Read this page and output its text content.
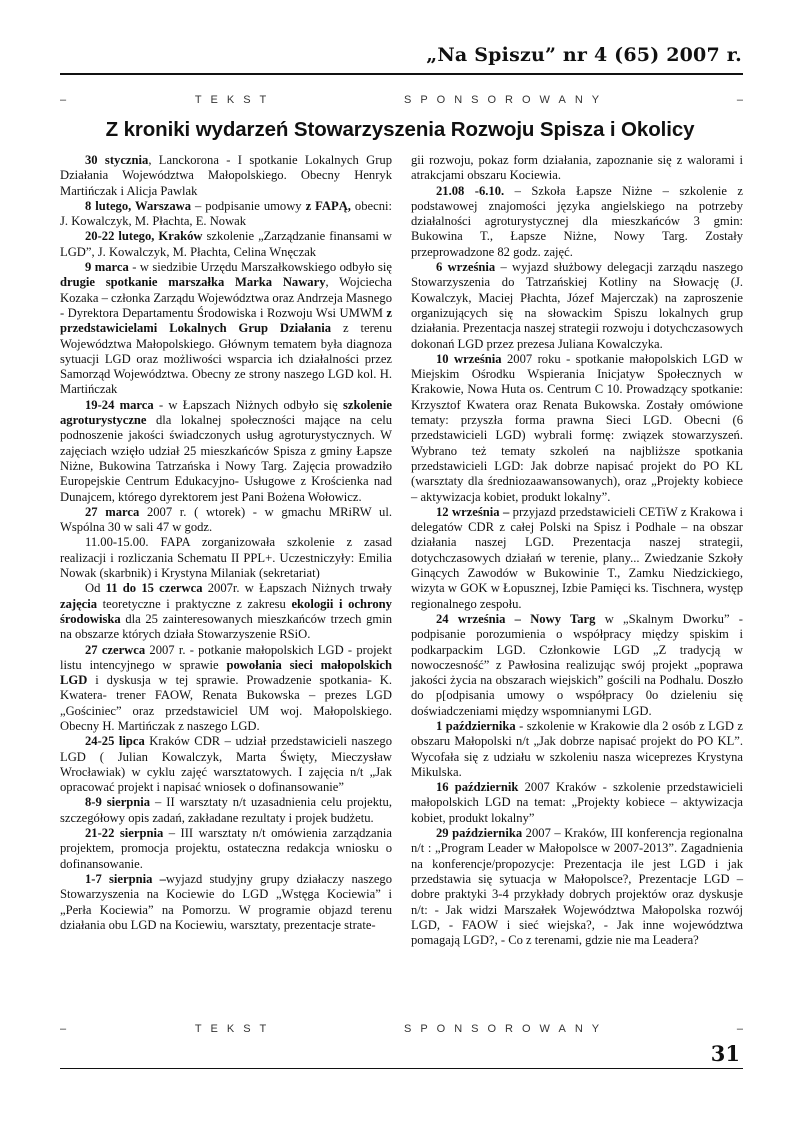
„Na Spiszu” nr 4 (65) 2007 r.
–	TEKST	SPONSOROWANY	–
Z kroniki wydarzeń Stowarzyszenia Rozwoju Spisza i Okolicy

30 stycznia, Lanckorona - I spotkanie Lokalnych Grup Działania Województwa Małopolskiego. Obecny Henryk Martińczak i Alicja Pawlak

8 lutego, Warszawa – podpisanie umowy z FAPĄ, obecni: J. Kowalczyk, M. Płachta, E. Nowak

20-22 lutego, Kraków szkolenie „Zarządzanie finansami w LGD”, J. Kowalczyk, M. Płachta, Celina Wnęczak

9 marca - w siedzibie Urzędu Marszałkowskiego odbyło się drugie spotkanie marszałka Marka Nawary, Wojciecha Kozaka – członka Zarządu Województwa oraz Andrzeja Masnego - Dyrektora Departamentu Środowiska i Rozwoju Wsi UMWM z przedstawicielami Lokalnych Grup Działania z terenu Województwa Małopolskiego. Głównym tematem była diagnoza sytuacji LGD oraz możliwości wsparcia ich działalności przez Samorząd Województwa. Obecny ze strony naszego LGD kol. H. Martińczak

19-24 marca - w Łapszach Niżnych odbyło się szkolenie agroturystyczne dla lokalnej społeczności mające na celu podnoszenie jakości świadczonych usług agroturystycznych. W zajęciach wzięło udział 25 mieszkańców Spisza z gminy Łapsze Niżne, Bukowina Tatrzańska i Nowy Targ. Zajęcia prowadziło Europejskie Centrum Edukacyjno- Usługowe z Krościenka nad Dunajcem, którego dyrektorem jest Pani Bożena Wołowicz.

27 marca 2007 r. ( wtorek) - w gmachu MRiRW ul. Wspólna 30 w sali 47 w godz.

11.00-15.00. FAPA zorganizowała szkolenie z zasad realizacji i rozliczania Schematu II PPL+. Uczestniczyły: Emilia Nowak (skarbnik) i Krystyna Milaniak (sekretariat)

Od 11 do 15 czerwca 2007r. w Łapszach Niżnych trwały zajęcia teoretyczne i praktyczne z zakresu ekologii i ochrony środowiska dla 25 zainteresowanych mieszkańców trzech gmin na obszarze których działa Stowarzyszenie RSiO.

27 czerwca 2007 r. - potkanie małopolskich LGD - projekt listu intencyjnego w sprawie powołania sieci małopolskich LGD i dyskusja w tej sprawie. Prowadzenie spotkania- K. Kwatera- trener FAOW, Renata Bukowska – prezes LGD „Gościniec” oraz przedstawiciel UM woj. Małopolskiego. Obecny H. Martińczak z naszego LGD.

24-25 lipca Kraków CDR – udział przedstawicieli naszego LGD ( Julian Kowalczyk, Marta Święty, Mieczysław Wrocławiak) w cyklu zajęć warsztatowych. I zajęcia n/t „Jak opracować projekt i napisać wniosek o dofinansowanie”

8-9 sierpnia – II warsztaty n/t uzasadnienia celu projektu, szczegółowy opis zadań, zakładane rezultaty i projek budżetu.

21-22 sierpnia – III warsztaty n/t omówienia zarządzania projektem, promocja projektu, ostateczna redakcja wniosku o dofinansowanie.

1-7 sierpnia –wyjazd studyjny grupy działaczy naszego Stowarzyszenia na Kociewie do LGD „Wstęga Kociewia” i „Perła Kociewia” na Pomorzu. W programie objazd terenu działania obu LGD na Kociewiu, warsztaty, prezentacje strate-

gii rozwoju, pokaz form działania, zapoznanie się z walorami i atrakcjami obszaru Kociewia.

21.08 -6.10. – Szkoła Łapsze Niżne – szkolenie z podstawowej znajomości języka angielskiego na potrzeby działalności agroturystycznej dla mieszkańców 3 gmin: Bukowina T., Łapsze Niżne, Nowy Targ. Zostały przeprowadzone 82 godz. zajęć.

6 września – wyjazd służbowy delegacji zarządu naszego Stowarzyszenia do Tatrzańskiej Kotliny na Słowację (J. Kowalczyk, Maciej Płachta, Józef Majerczak) na zaproszenie organizujących się na słowackim Spiszu lokalnych grup działania. Prezentacja naszej strategii rozwoju i dotychczasowych dokonań LGD przez prezesa Juliana Kowalczyka.

10 września 2007 roku - spotkanie małopolskich LGD w Miejskim Ośrodku Wspierania Inicjatyw Społecznych w Krakowie, Nowa Huta os. Centrum C 10. Prowadzący spotkanie: Krzysztof Kwatera oraz Renata Bukowska. Zostały omówione tematy: przyszła forma prawna Sieci LGD. Obecni (6 przedstawicieli LGD) wybrali formę: związek stowarzyszeń. Wybrano też tematy szkoleń na najbliższe spotkania przedstawicieli LGD: Jak dobrze napisać projekt do PO KL (warsztaty dla średniozaawansowanych), oraz „Projekty kobiece – aktywizacja kobiet, produkt lokalny”.

12 września – przyjazd przedstawicieli CETiW z Krakowa i delegatów CDR z całej Polski na Spisz i Podhale – na obszar działania naszej LGD. Prezentacja naszej strategii, dotychczasowych działań w terenie, plany... Zwiedzanie Szkoły Ginących Zawodów w Bukowinie T., Zamku Niedzickiego, wizyta w GOK w Łopusznej, Izbie Pamięci ks. Tischnera, występ regionalnego zespołu.

24 września – Nowy Targ w „Skalnym Dworku” - podpisanie porozumienia o współpracy między spiskim i podkarpackim LGD. Członkowie LGD „Z tradycją w nowoczesność” z Pawłosina realizując swój projekt „poprawa jakości życia na obszarach wiejskich” gościli na Podhalu. Doszło do p[odpisania umowy o współpracy 0o dzieleniu się doświadczeniami między wspomnianymi LGD.

1 października - szkolenie w Krakowie dla 2 osób z LGD z obszaru Małopolski n/t „Jak dobrze napisać projekt do PO KL”. Wycofała się z udziału w szkoleniu nasza wiceprezes Krystyna Mikulska.

16 październik 2007 Kraków - szkolenie przedstawicieli małopolskich LGD na temat: „Projekty kobiece – aktywizacja kobiet, produkt lokalny”

29 października 2007 – Kraków, III konferencja regionalna n/t : „Program Leader w Małopolsce w 2007-2013”. Zagadnienia na konferencje/propozycje: Prezentacja ile jest LGD i jak przedstawia się sytuacja w Małopolsce?, Prezentacje LGD – dobre praktyki 3-4 przykłady dobrych projektów oraz dyskusje n/t: - Jak widzi Marszałek Województwa Małopolska rozwój LGD, - FAOW i sieć wiejska?, - Jak inne województwa pomagają LGD?, - Co z terenami, gdzie nie ma Leadera?

–	TEKST	SPONSOROWANY	–
31
